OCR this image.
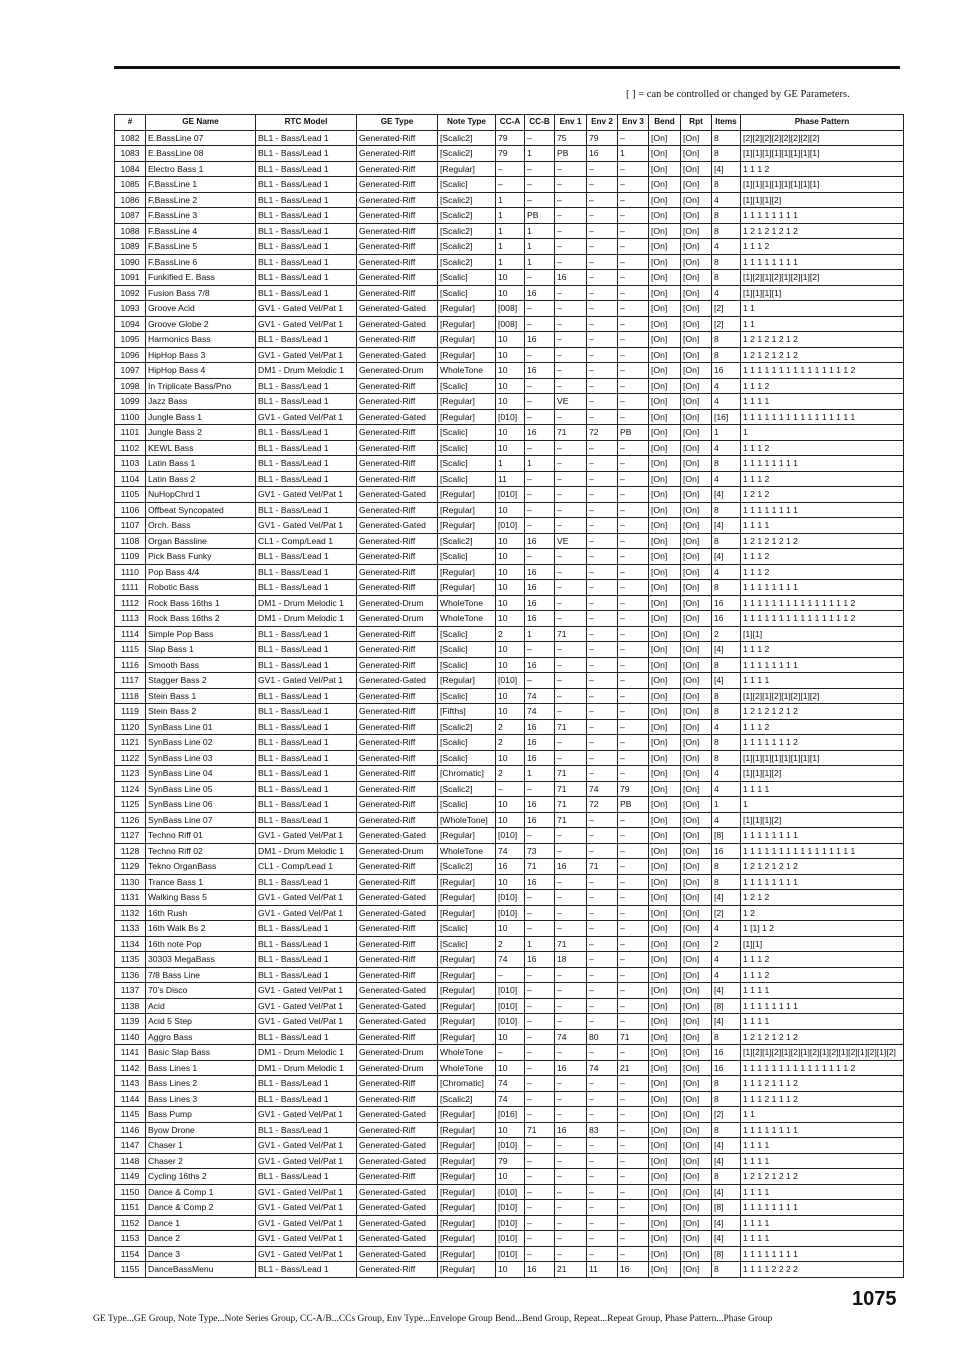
[ ] = can be controlled or changed by GE Parameters.
#	GE Name	RTC Model	GE Type	Note Type	CC-A	CC-B	Env 1	Env 2	Env 3	Bend	Rpt	Items	Phase Pattern
1082	E.BassLine 07	BL1 - Bass/Lead 1	Generated-Riff	[Scalic2]	79	–	75	79	–	[On]	[On]	8	[2][2][2][2][2][2][2][2]
1083	E.BassLine 08	BL1 - Bass/Lead 1	Generated-Riff	[Scalic2]	79	1	PB	16	1	[On]	[On]	8	[1][1][1][1][1][1][1][1]
1084	Electro Bass 1	BL1 - Bass/Lead 1	Generated-Riff	[Regular]	–	–	–	–	–	[On]	[On]	[4]	1 1 1 2
1085	F.BassLine 1	BL1 - Bass/Lead 1	Generated-Riff	[Scalic]	–	–	–	–	–	[On]	[On]	8	[1][1][1][1][1][1][1][1]
1086	F.BassLine 2	BL1 - Bass/Lead 1	Generated-Riff	[Scalic2]	1	–	–	–	–	[On]	[On]	4	[1][1][1][2]
1087	F.BassLine 3	BL1 - Bass/Lead 1	Generated-Riff	[Scalic2]	1	PB	–	–	–	[On]	[On]	8	1 1 1 1 1 1 1 1
1088	F.BassLine 4	BL1 - Bass/Lead 1	Generated-Riff	[Scalic2]	1	1	–	–	–	[On]	[On]	8	1 2 1 2 1 2 1 2
1089	F.BassLine 5	BL1 - Bass/Lead 1	Generated-Riff	[Scalic2]	1	1	–	–	–	[On]	[On]	4	1 1 1 2
1090	F.BassLine 6	BL1 - Bass/Lead 1	Generated-Riff	[Scalic2]	1	1	–	–	–	[On]	[On]	8	1 1 1 1 1 1 1 1
1091	Funkified E. Bass	BL1 - Bass/Lead 1	Generated-Riff	[Scalic]	10	–	16	–	–	[On]	[On]	8	[1][2][1][2][1][2][1][2]
1092	Fusion Bass 7/8	BL1 - Bass/Lead 1	Generated-Riff	[Scalic]	10	16	–	–	–	[On]	[On]	4	[1][1][1][1]
1093	Groove Acid	GV1 - Gated Vel/Pat 1	Generated-Gated	[Regular]	[008]	–	–	–	–	[On]	[On]	[2]	1 1
1094	Groove Globe 2	GV1 - Gated Vel/Pat 1	Generated-Gated	[Regular]	[008]	–	–	–	–	[On]	[On]	[2]	1 1
1095	Harmonics Bass	BL1 - Bass/Lead 1	Generated-Riff	[Regular]	10	16	–	–	–	[On]	[On]	8	1 2 1 2 1 2 1 2
1096	HipHop Bass 3	GV1 - Gated Vel/Pat 1	Generated-Gated	[Regular]	10	–	–	–	–	[On]	[On]	8	1 2 1 2 1 2 1 2
1097	HipHop Bass 4	DM1 - Drum Melodic 1	Generated-Drum	WholeTone	10	16	–	–	–	[On]	[On]	16	1 1 1 1 1 1 1 1 1 1 1 1 1 1 1 2
1098	In Triplicate Bass/Pno	BL1 - Bass/Lead 1	Generated-Riff	[Scalic]	10	–	–	–	–	[On]	[On]	4	1 1 1 2
1099	Jazz Bass	BL1 - Bass/Lead 1	Generated-Riff	[Regular]	10	–	VE	–	–	[On]	[On]	4	1 1 1 1
1100	Jungle Bass 1	GV1 - Gated Vel/Pat 1	Generated-Gated	[Regular]	[010]	–	–	–	–	[On]	[On]	[16]	1 1 1 1 1 1 1 1 1 1 1 1 1 1 1 1
1101	Jungle Bass 2	BL1 - Bass/Lead 1	Generated-Riff	[Scalic]	10	16	71	72	PB	[On]	[On]	1	1
1102	KEWL Bass	BL1 - Bass/Lead 1	Generated-Riff	[Scalic]	10	–	–	–	–	[On]	[On]	4	1 1 1 2
1103	Latin Bass 1	BL1 - Bass/Lead 1	Generated-Riff	[Scalic]	1	1	–	–	–	[On]	[On]	8	1 1 1 1 1 1 1 1
1104	Latin Bass 2	BL1 - Bass/Lead 1	Generated-Riff	[Scalic]	11	–	–	–	–	[On]	[On]	4	1 1 1 2
1105	NuHopChrd 1	GV1 - Gated Vel/Pat 1	Generated-Gated	[Regular]	[010]	–	–	–	–	[On]	[On]	[4]	1 2 1 2
1106	Offbeat Syncopated	BL1 - Bass/Lead 1	Generated-Riff	[Regular]	10	–	–	–	–	[On]	[On]	8	1 1 1 1 1 1 1 1
1107	Orch. Bass	GV1 - Gated Vel/Pat 1	Generated-Gated	[Regular]	[010]	–	–	–	–	[On]	[On]	[4]	1 1 1 1
1108	Organ Bassline	CL1 - Comp/Lead 1	Generated-Riff	[Scalic2]	10	16	VE	–	–	[On]	[On]	8	1 2 1 2 1 2 1 2
1109	Pick Bass Funky	BL1 - Bass/Lead 1	Generated-Riff	[Scalic]	10	–	–	–	–	[On]	[On]	[4]	1 1 1 2
1110	Pop Bass 4/4	BL1 - Bass/Lead 1	Generated-Riff	[Regular]	10	16	–	–	–	[On]	[On]	4	1 1 1 2
1111	Robotic Bass	BL1 - Bass/Lead 1	Generated-Riff	[Regular]	10	16	–	–	–	[On]	[On]	8	1 1 1 1 1 1 1 1
1112	Rock Bass 16ths 1	DM1 - Drum Melodic 1	Generated-Drum	WholeTone	10	16	–	–	–	[On]	[On]	16	1 1 1 1 1 1 1 1 1 1 1 1 1 1 1 2
1113	Rock Bass 16ths 2	DM1 - Drum Melodic 1	Generated-Drum	WholeTone	10	16	–	–	–	[On]	[On]	16	1 1 1 1 1 1 1 1 1 1 1 1 1 1 1 2
1114	Simple Pop Bass	BL1 - Bass/Lead 1	Generated-Riff	[Scalic]	2	1	71	–	–	[On]	[On]	2	[1][1]
1115	Slap Bass 1	BL1 - Bass/Lead 1	Generated-Riff	[Scalic]	10	–	–	–	–	[On]	[On]	[4]	1 1 1 2
1116	Smooth Bass	BL1 - Bass/Lead 1	Generated-Riff	[Scalic]	10	16	–	–	–	[On]	[On]	8	1 1 1 1 1 1 1 1
1117	Stagger Bass 2	GV1 - Gated Vel/Pat 1	Generated-Gated	[Regular]	[010]	–	–	–	–	[On]	[On]	[4]	1 1 1 1
1118	Stein Bass 1	BL1 - Bass/Lead 1	Generated-Riff	[Scalic]	10	74	–	–	–	[On]	[On]	8	[1][2][1][2][1][2][1][2]
1119	Stein Bass 2	BL1 - Bass/Lead 1	Generated-Riff	[Fifths]	10	74	–	–	–	[On]	[On]	8	1 2 1 2 1 2 1 2
1120	SynBass Line 01	BL1 - Bass/Lead 1	Generated-Riff	[Scalic2]	2	16	71	–	–	[On]	[On]	4	1 1 1 2
1121	SynBass Line 02	BL1 - Bass/Lead 1	Generated-Riff	[Scalic]	2	16	–	–	–	[On]	[On]	8	1 1 1 1 1 1 1 2
1122	SynBass Line 03	BL1 - Bass/Lead 1	Generated-Riff	[Scalic]	10	16	–	–	–	[On]	[On]	8	[1][1][1][1][1][1][1][1]
1123	SynBass Line 04	BL1 - Bass/Lead 1	Generated-Riff	[Chromatic]	2	1	71	–	–	[On]	[On]	4	[1][1][1][2]
1124	SynBass Line 05	BL1 - Bass/Lead 1	Generated-Riff	[Scalic2]	–	–	71	74	79	[On]	[On]	4	1 1 1 1
1125	SynBass Line 06	BL1 - Bass/Lead 1	Generated-Riff	[Scalic]	10	16	71	72	PB	[On]	[On]	1	1
1126	SynBass Line 07	BL1 - Bass/Lead 1	Generated-Riff	[WholeTone]	10	16	71	–	–	[On]	[On]	4	[1][1][1][2]
1127	Techno Riff 01	GV1 - Gated Vel/Pat 1	Generated-Gated	[Regular]	[010]	–	–	–	–	[On]	[On]	[8]	1 1 1 1 1 1 1 1
1128	Techno Riff 02	DM1 - Drum Melodic 1	Generated-Drum	WholeTone	74	73	–	–	–	[On]	[On]	16	1 1 1 1 1 1 1 1 1 1 1 1 1 1 1 1
1129	Tekno OrganBass	CL1 - Comp/Lead 1	Generated-Riff	[Scalic2]	16	71	16	71	–	[On]	[On]	8	1 2 1 2 1 2 1 2
1130	Trance Bass 1	BL1 - Bass/Lead 1	Generated-Riff	[Regular]	10	16	–	–	–	[On]	[On]	8	1 1 1 1 1 1 1 1
1131	Walking Bass 5	GV1 - Gated Vel/Pat 1	Generated-Gated	[Regular]	[010]	–	–	–	–	[On]	[On]	[4]	1 2 1 2
1132	16th Rush	GV1 - Gated Vel/Pat 1	Generated-Gated	[Regular]	[010]	–	–	–	–	[On]	[On]	[2]	1 2
1133	16th Walk Bs 2	BL1 - Bass/Lead 1	Generated-Riff	[Scalic]	10	–	–	–	–	[On]	[On]	4	1 [1] 1 2
1134	16th note Pop	BL1 - Bass/Lead 1	Generated-Riff	[Scalic]	2	1	71	–	–	[On]	[On]	2	[1][1]
1135	30303 MegaBass	BL1 - Bass/Lead 1	Generated-Riff	[Regular]	74	16	18	–	–	[On]	[On]	4	1 1 1 2
1136	7/8 Bass Line	BL1 - Bass/Lead 1	Generated-Riff	[Regular]	–	–	–	–	–	[On]	[On]	4	1 1 1 2
1137	70's Disco	GV1 - Gated Vel/Pat 1	Generated-Gated	[Regular]	[010]	–	–	–	–	[On]	[On]	[4]	1 1 1 1
1138	Acid	GV1 - Gated Vel/Pat 1	Generated-Gated	[Regular]	[010]	–	–	–	–	[On]	[On]	[8]	1 1 1 1 1 1 1 1
1139	Acid 5 Step	GV1 - Gated Vel/Pat 1	Generated-Gated	[Regular]	[010]	–	–	–	–	[On]	[On]	[4]	1 1 1 1
1140	Aggro Bass	BL1 - Bass/Lead 1	Generated-Riff	[Regular]	10	–	74	80	71	[On]	[On]	8	1 2 1 2 1 2 1 2
1141	Basic Slap Bass	DM1 - Drum Melodic 1	Generated-Drum	WholeTone	–	–	–	–	–	[On]	[On]	16	[1][2][1][2][1][2][1][2][1][2][1][2][1][2][1][2]
1142	Bass Lines 1	DM1 - Drum Melodic 1	Generated-Drum	WholeTone	10	–	16	74	21	[On]	[On]	16	1 1 1 1 1 1 1 1 1 1 1 1 1 1 1 2
1143	Bass Lines 2	BL1 - Bass/Lead 1	Generated-Riff	[Chromatic]	74	–	–	–	–	[On]	[On]	8	1 1 1 2 1 1 1 2
1144	Bass Lines 3	BL1 - Bass/Lead 1	Generated-Riff	[Scalic2]	74	–	–	–	–	[On]	[On]	8	1 1 1 2 1 1 1 2
1145	Bass Pump	GV1 - Gated Vel/Pat 1	Generated-Gated	[Regular]	[016]	–	–	–	–	[On]	[On]	[2]	1 1
1146	Byow Drone	BL1 - Bass/Lead 1	Generated-Riff	[Regular]	10	71	16	83	–	[On]	[On]	8	1 1 1 1 1 1 1 1
1147	Chaser 1	GV1 - Gated Vel/Pat 1	Generated-Gated	[Regular]	[010]	–	–	–	–	[On]	[On]	[4]	1 1 1 1
1148	Chaser 2	GV1 - Gated Vel/Pat 1	Generated-Gated	[Regular]	79	–	–	–	–	[On]	[On]	[4]	1 1 1 1
1149	Cycling 16ths 2	BL1 - Bass/Lead 1	Generated-Riff	[Regular]	10	–	–	–	–	[On]	[On]	8	1 2 1 2 1 2 1 2
1150	Dance & Comp 1	GV1 - Gated Vel/Pat 1	Generated-Gated	[Regular]	[010]	–	–	–	–	[On]	[On]	[4]	1 1 1 1
1151	Dance & Comp 2	GV1 - Gated Vel/Pat 1	Generated-Gated	[Regular]	[010]	–	–	–	–	[On]	[On]	[8]	1 1 1 1 1 1 1 1
1152	Dance 1	GV1 - Gated Vel/Pat 1	Generated-Gated	[Regular]	[010]	–	–	–	–	[On]	[On]	[4]	1 1 1 1
1153	Dance 2	GV1 - Gated Vel/Pat 1	Generated-Gated	[Regular]	[010]	–	–	–	–	[On]	[On]	[4]	1 1 1 1
1154	Dance 3	GV1 - Gated Vel/Pat 1	Generated-Gated	[Regular]	[010]	–	–	–	–	[On]	[On]	[8]	1 1 1 1 1 1 1 1
1155	DanceBassMenu	BL1 - Bass/Lead 1	Generated-Riff	[Regular]	10	16	21	11	16	[On]	[On]	8	1 1 1 1 2 2 2 2
1075
GE Type...GE Group, Note Type...Note Series Group, CC-A/B...CCs Group, Env Type...Envelope Group Bend...Bend Group, Repeat...Repeat Group, Phase Pattern...Phase Group
